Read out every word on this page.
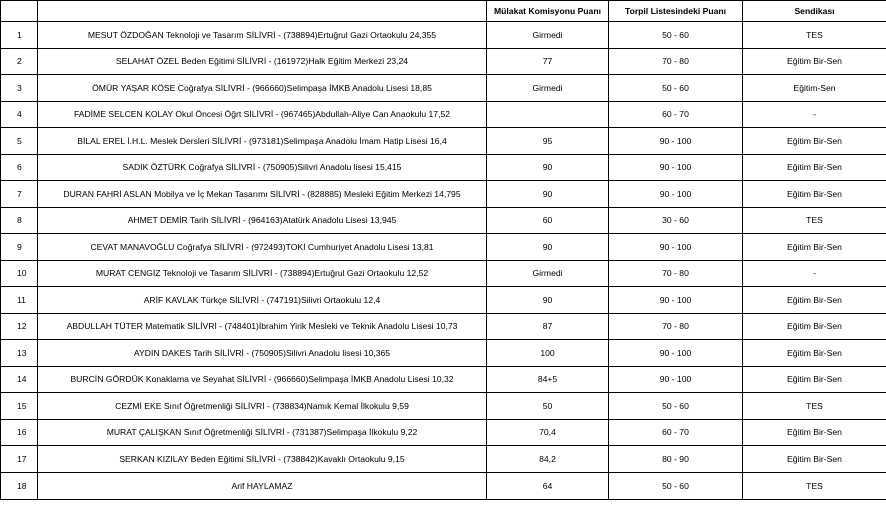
		Mülakat Komisyonu Puanı	Torpil Listesindeki Puanı	Sendikası
1	MESUT ÖZDOĞAN Teknoloji ve Tasarım SİLİVRİ - (738894)Ertuğrul Gazi Ortaokulu 24,355	Girmedi	50 - 60	TES
2	SELAHAT ÖZEL Beden Eğitimi SİLİVRİ - (161972)Halk Eğitim Merkezi 23,24	77	70 - 80	Eğitim Bir-Sen
3	ÖMÜR YAŞAR KÖSE Coğrafya SİLİVRİ - (966660)Selimpaşa İMKB Anadolu Lisesi 18,85	Girmedi	50 - 60	Eğitim-Sen
4	FADİME SELCEN KOLAY Okul Öncesi Öğrt SİLİVRİ - (967465)Abdullah-Aliye Can Anaokulu 17,52		60 - 70	-
5	BİLAL EREL İ.H.L. Meslek Dersleri SİLİVRİ - (973181)Selimpaşa Anadolu İmam Hatip Lisesi 16,4	95	90 - 100	Eğitim Bir-Sen
6	SADIK ÖZTÜRK Coğrafya SİLİVRİ - (750905)Silivri Anadolu lisesi 15,415	90	90 - 100	Eğitim Bir-Sen
7	DURAN FAHRİ ASLAN Mobilya ve İç Mekan Tasarımı SİLİVRİ - (828885) Mesleki Eğitim Merkezi 14,795	90	90 - 100	Eğitim Bir-Sen
8	AHMET DEMİR Tarih SİLİVRİ - (964163)Atatürk Anadolu Lisesi 13,945	60	30 - 60	TES
9	CEVAT MANAVOĞLU Coğrafya SİLİVRİ - (972493)TOKİ Cumhuriyet Anadolu Lisesi 13,81	90	90 - 100	Eğitim Bir-Sen
10	MURAT CENGİZ Teknoloji ve Tasarım SİLİVRİ - (738894)Ertuğrul Gazi Ortaokulu 12,52	Girmedi	70 - 80	-
11	ARİF KAVLAK Türkçe SİLİVRİ - (747191)Silivri Ortaokulu 12,4	90	90 - 100	Eğitim Bir-Sen
12	ABDULLAH TÜTER Matematik SİLİVRİ - (748401)İbrahim Yirik Mesleki ve Teknik Anadolu Lisesi 10,73	87	70 - 80	Eğitim Bir-Sen
13	AYDIN DAKES Tarih SİLİVRİ - (750905)Silivri Anadolu lisesi 10,365	100	90 - 100	Eğitim Bir-Sen
14	BURCİN GÖRDÜK Konaklama ve Seyahat SİLİVRİ - (966660)Selimpaşa İMKB Anadolu Lisesi 10,32	84+5	90 - 100	Eğitim Bir-Sen
15	CEZMİ EKE Sınıf Öğretmenliği SİLİVRİ - (738834)Namık Kemal İlkokulu 9,59	50	50 - 60	TES
16	MURAT ÇALIŞKAN Sınıf Öğretmenliği SİLİVRİ - (731387)Selimpaşa İlkokulu 9,22	70,4	60 - 70	Eğitim Bir-Sen
17	SERKAN KIZILAY Beden Eğitimi SİLİVRİ - (738842)Kavaklı Ortaokulu 9,15	84,2	80 - 90	Eğitim Bir-Sen
18	Arif HAYLAMAZ	64	50 - 60	TES
